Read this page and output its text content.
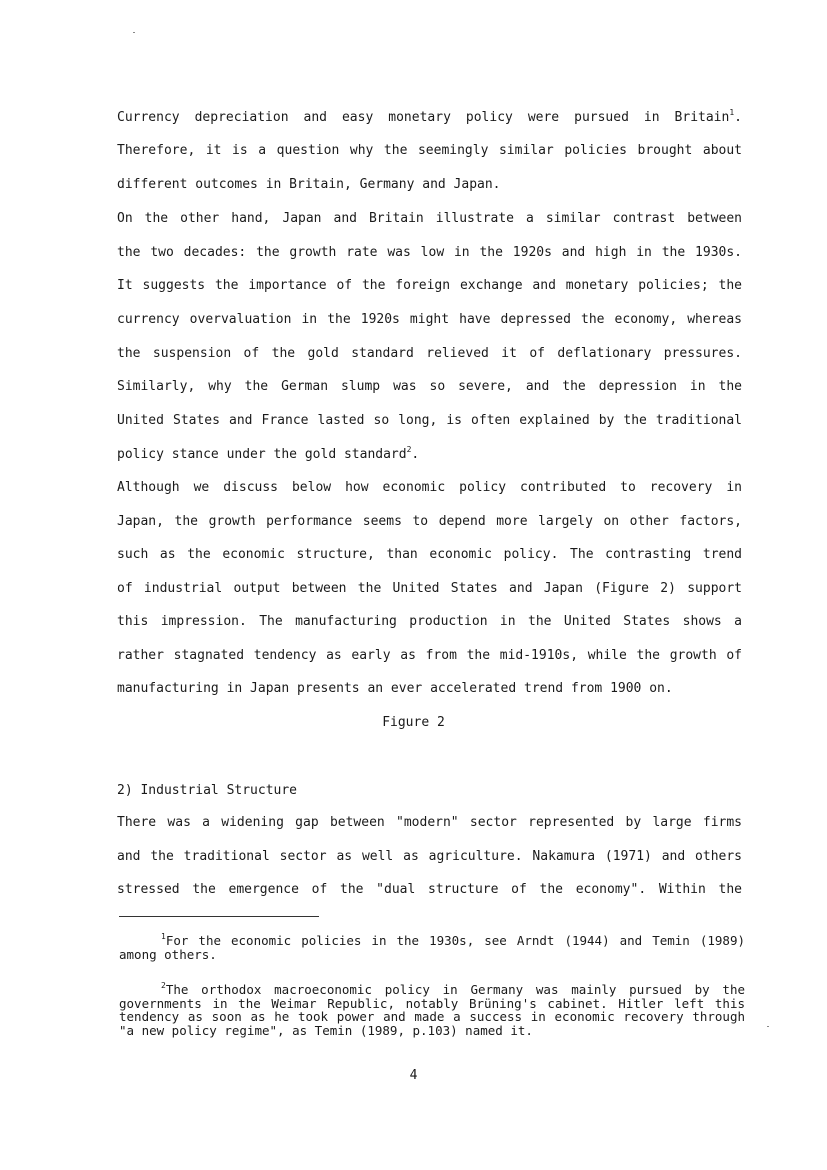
Currency depreciation and easy monetary policy were pursued in Britain$^1$.
Therefore, it is a question why the seemingly similar policies brought about
different outcomes in Britain, Germany and Japan.
On the other hand, Japan and Britain illustrate a similar contrast between
the two decades: the growth rate was low in the 1920s and high in the 1930s.
It suggests the importance of the foreign exchange and monetary policies; the
currency overvaluation in the 1920s might have depressed the economy, whereas
the suspension of the gold standard relieved it of deflationary pressures.
Similarly, why the German slump was so severe, and the depression in the
United States and France lasted so long, is often explained by the traditional
policy stance under the gold standard$^2$.
Although we discuss below how economic policy contributed to recovery in
Japan, the growth performance seems to depend more largely on other factors,
such as the economic structure, than economic policy. The contrasting trend
of industrial output between the United States and Japan (Figure 2) support
this impression. The manufacturing production in the United States shows a
rather stagnated tendency as early as from the mid-1910s, while the growth of
manufacturing in Japan presents an ever accelerated trend from 1900 on.
Figure 2
2) Industrial Structure
There was a widening gap between "modern" sector represented by large firms
and the traditional sector as well as agriculture. Nakamura (1971) and others
stressed the emergence of the "dual structure of the economy". Within the

$^1$For the economic policies in the 1930s, see Arndt (1944) and Temin (1989) among others.

$^2$The orthodox macroeconomic policy in Germany was mainly pursued by the governments in the Weimar Republic, notably Brüning's cabinet. Hitler left this tendency as soon as he took power and made a success in economic recovery through "a new policy regime", as Temin (1989, p.103) named it.

4
